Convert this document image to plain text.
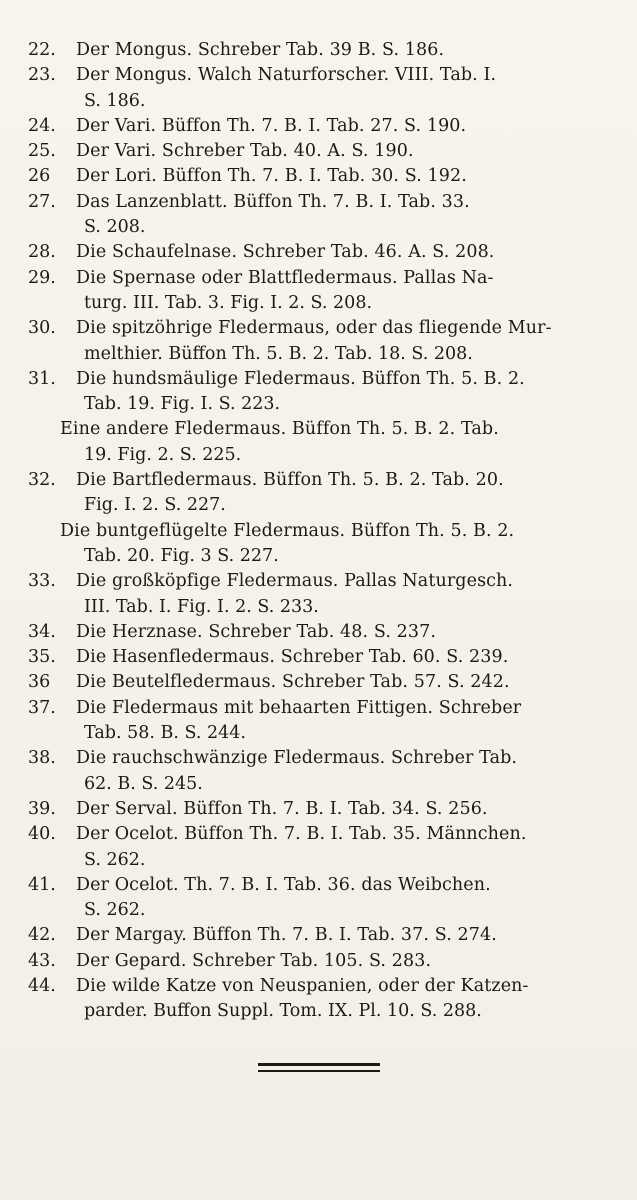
22.	Der Mongus. Schreber Tab. 39 B. S. 186.
23.	Der Mongus. Walch Naturforscher. VIII. Tab. I.
S. 186.
24.	Der Vari. Büffon Th. 7. B. I. Tab. 27. S. 190.
25.	Der Vari. Schreber Tab. 40. A. S. 190.
26	Der Lori. Büffon Th. 7. B. I. Tab. 30. S. 192.
27.	Das Lanzenblatt. Büffon Th. 7. B. I. Tab. 33.
S. 208.
28.	Die Schaufelnase. Schreber Tab. 46. A. S. 208.
29.	Die Spernase oder Blattfledermaus. Pallas Na-
turg. III. Tab. 3. Fig. I. 2. S. 208.
30.	Die spitzöhrige Fledermaus, oder das fliegende Mur-
melthier. Büffon Th. 5. B. 2. Tab. 18. S. 208.
31.	Die hundsmäulige Fledermaus. Büffon Th. 5. B. 2.
Tab. 19. Fig. I. S. 223.
Eine andere Fledermaus. Büffon Th. 5. B. 2. Tab.
19. Fig. 2. S. 225.
32.	Die Bartfledermaus. Büffon Th. 5. B. 2. Tab. 20.
Fig. I. 2. S. 227.
Die buntgeflügelte Fledermaus. Büffon Th. 5. B. 2.
Tab. 20. Fig. 3 S. 227.
33.	Die großköpfige Fledermaus. Pallas Naturgesch.
III. Tab. I. Fig. I. 2. S. 233.
34.	Die Herznase. Schreber Tab. 48. S. 237.
35.	Die Hasenfledermaus. Schreber Tab. 60. S. 239.
36	Die Beutelfledermaus. Schreber Tab. 57. S. 242.
37.	Die Fledermaus mit behaarten Fittigen. Schreber
Tab. 58. B. S. 244.
38.	Die rauchschwänzige Fledermaus. Schreber Tab.
62. B. S. 245.
39.	Der Serval. Büffon Th. 7. B. I. Tab. 34. S. 256.
40.	Der Ocelot. Büffon Th. 7. B. I. Tab. 35. Männchen.
S. 262.
41.	Der Ocelot. Th. 7. B. I. Tab. 36. das Weibchen.
S. 262.
42.	Der Margay. Büffon Th. 7. B. I. Tab. 37. S. 274.
43.	Der Gepard. Schreber Tab. 105. S. 283.
44.	Die wilde Katze von Neuspanien, oder der Katzen-
parder. Buffon Suppl. Tom. IX. Pl. 10. S. 288.
